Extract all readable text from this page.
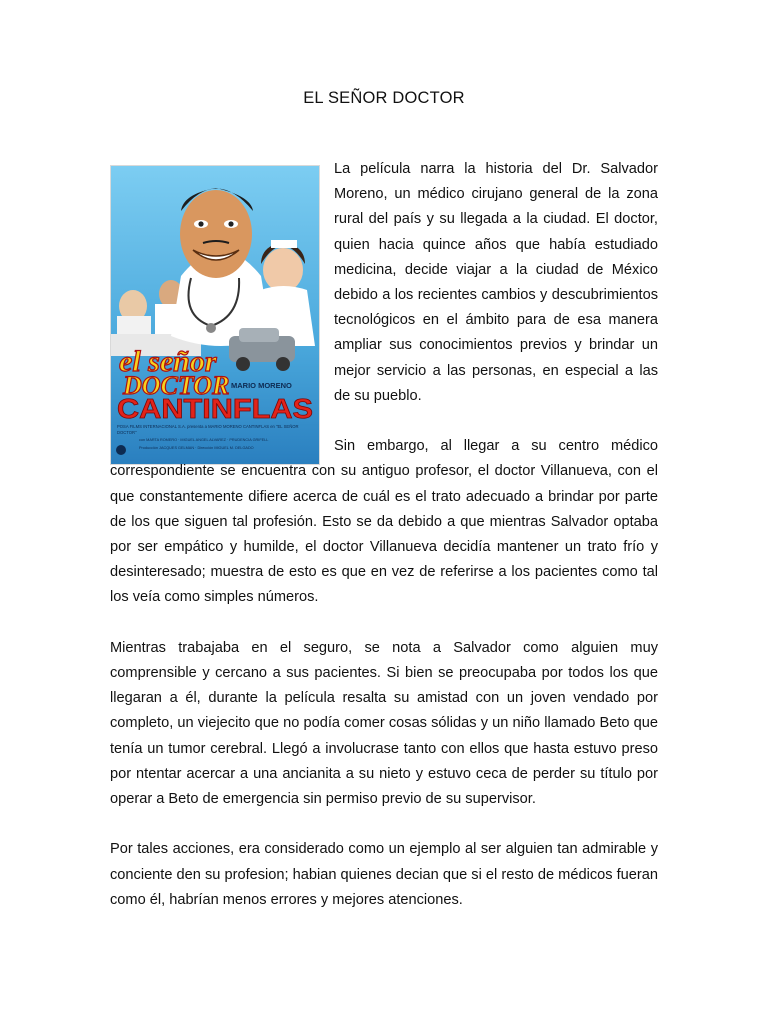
EL SEÑOR DOCTOR
el señor
DOCTOR MARIO MORENO
CANTINFLAS
POSA FILMS INTERNACIONAL S.A. presenta a MARIO MORENO CANTINFLAS en "EL SEÑOR DOCTOR"
con MARTA ROMERO · MIGUEL ANGEL ALVAREZ · PRUDENCIA GRIFELL
Producción JACQUES GELMAN · Dirección MIGUEL M. DELGADO

La película narra la historia del Dr. Salvador Moreno, un médico cirujano general de la zona rural del país y su llegada a la ciudad. El doctor, quien hacia quince años que había estudiado medicina, decide viajar a la ciudad de México debido a los recientes cambios y descubrimientos tecnológicos en el ámbito para de esa manera ampliar sus conocimientos previos y brindar un mejor servicio a las personas, en especial a las de su pueblo.

Sin embargo, al llegar a su centro médico correspondiente se encuentra con su antiguo profesor, el doctor Villanueva, con el que constantemente difiere acerca de cuál es el trato adecuado a brindar por parte de los que siguen tal profesión. Esto se da debido a que mientras Salvador optaba por ser empático y humilde, el doctor Villanueva decidía mantener un trato frío y desinteresado; muestra de esto es que en vez de referirse a los pacientes como tal los veía como simples números.

Mientras trabajaba en el seguro, se nota a Salvador como alguien muy comprensible y cercano a sus pacientes. Si bien se preocupaba por todos los que llegaran a él, durante la película resalta su amistad con un joven vendado por completo, un viejecito que no podía comer cosas sólidas y un niño llamado Beto que tenía un tumor cerebral. Llegó a involucrase tanto con ellos que hasta estuvo preso por ntentar acercar a una ancianita a su nieto y estuvo ceca de perder su título por operar a Beto de emergencia sin permiso previo de su supervisor.

Por tales acciones, era considerado como un ejemplo al ser alguien tan admirable y conciente den su profesion; habian quienes decian que si el resto de médicos fueran como él, habrían menos errores y mejores atenciones.
